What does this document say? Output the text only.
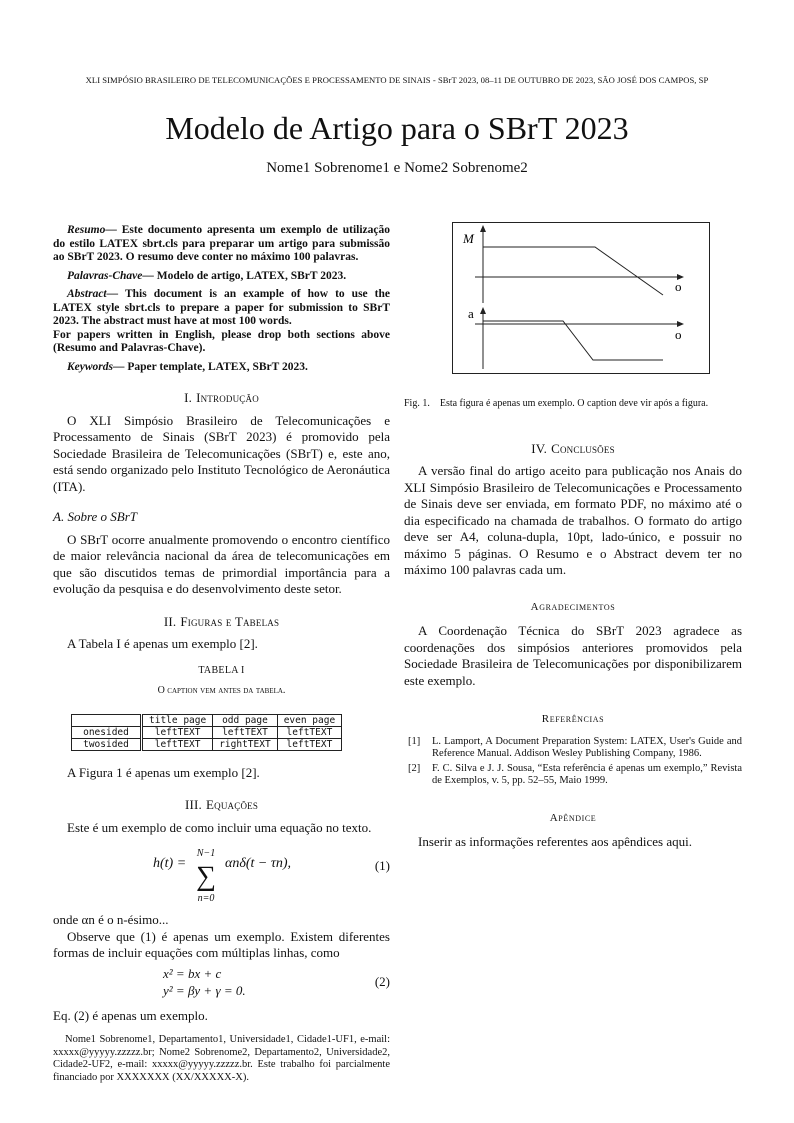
XLI SIMPÓSIO BRASILEIRO DE TELECOMUNICAÇÕES E PROCESSAMENTO DE SINAIS - SBrT 2023, 08–11 DE OUTUBRO DE 2023, SÃO JOSÉ DOS CAMPOS, SP
Modelo de Artigo para o SBrT 2023
Nome1 Sobrenome1 e Nome2 Sobrenome2

Resumo— Este documento apresenta um exemplo de utilização do estilo LATEX sbrt.cls para preparar um artigo para submissão ao SBrT 2023. O resumo deve conter no máximo 100 palavras.

Palavras-Chave— Modelo de artigo, LATEX, SBrT 2023.

Abstract— This document is an example of how to use the LATEX style sbrt.cls to prepare a paper for submission to SBrT 2023. The abstract must have at most 100 words.

For papers written in English, please drop both sections above (Resumo and Palavras-Chave).

Keywords— Paper template, LATEX, SBrT 2023.

I. Introdução

O XLI Simpósio Brasileiro de Telecomunicações e Processamento de Sinais (SBrT 2023) é promovido pela Sociedade Brasileira de Telecomunicações (SBrT) e, este ano, está sendo organizado pelo Instituto Tecnológico de Aeronáutica (ITA).

A. Sobre o SBrT

O SBrT ocorre anualmente promovendo o encontro científico de maior relevância nacional da área de telecomunicações em que são discutidos temas de primordial importância para a evolução da pesquisa e do desenvolvimento deste setor.

II. Figuras e Tabelas

A Tabela I é apenas um exemplo [2].

TABELA I
O caption vem antes da tabela.
	title page	odd page	even page
onesided	leftTEXT	leftTEXT	leftTEXT
twosided	leftTEXT	rightTEXT	leftTEXT

A Figura 1 é apenas um exemplo [2].

III. Equações

Este é um exemplo de como incluir uma equação no texto.

h(t) =
N−1
∑
n=0
αnδ(t − τn),	(1)

onde αn é o n-ésimo...

Observe que (1) é apenas um exemplo. Existem diferentes formas de incluir equações com múltiplas linhas, como

x² = bx + c
y² = βy + γ = 0.
(2)

Eq. (2) é apenas um exemplo.

Nome1 Sobrenome1, Departamento1, Universidade1, Cidade1-UF1, e-mail: xxxxx@yyyyy.zzzzz.br; Nome2 Sobrenome2, Departamento2, Universidade2, Cidade2-UF2, e-mail: xxxxx@yyyyy.zzzzz.br. Este trabalho foi parcialmente financiado por XXXXXXX (XX/XXXXX-X).
M
o
a
o
Fig. 1. Esta figura é apenas um exemplo. O caption deve vir após a figura.
IV. Conclusões

A versão final do artigo aceito para publicação nos Anais do XLI Simpósio Brasileiro de Telecomunicações e Processamento de Sinais deve ser enviada, em formato PDF, no máximo até o dia especificado na chamada de trabalhos. O formato do artigo deve ser A4, coluna-dupla, 10pt, lado-único, e possuir no máximo 5 páginas. O Resumo e o Abstract devem ter no máximo 100 palavras cada um.

Agradecimentos

A Coordenação Técnica do SBrT 2023 agradece as coordenações dos simpósios anteriores promovidos pela Sociedade Brasileira de Telecomunicações por disponibilizarem este exemplo.

Referências
[1]	L. Lamport, A Document Preparation System: LATEX, User's Guide and Reference Manual. Addison Wesley Publishing Company, 1986.
[2]	F. C. Silva e J. J. Sousa, “Esta referência é apenas um exemplo,” Revista de Exemplos, v. 5, pp. 52–55, Maio 1999.
Apêndice

Inserir as informações referentes aos apêndices aqui.
